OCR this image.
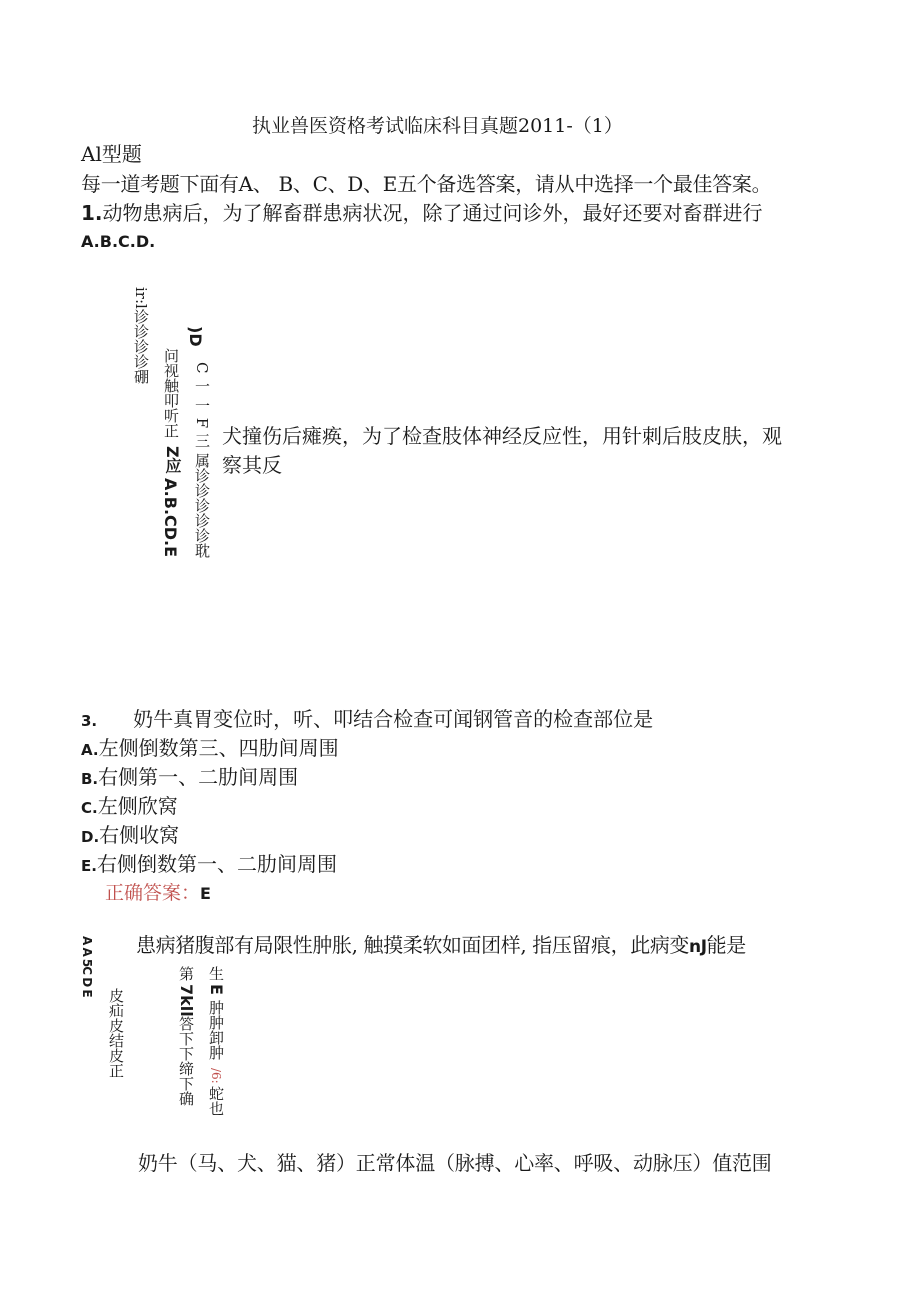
执业兽医资格考试临床科目真题2011-（1）
Al型题
每一道考题下面有A、 B、C、D、E五个备选答案，请从中选择一个最佳答案。
1.动物患病后，为了解畜群患病状况，除了通过问诊外，最好还要对畜群进行
A.B.C.D.
ir:l诊诊诊诊硼
问视触叩听正
Z应
A.B.CD.E
)D
C 一 一 F 三 属诊诊诊诊诊耽 犬撞伤后瘫痪，为了检查肢体神经反应性，用针刺后肢皮肤，观
察其反
3. 奶牛真胃变位时，听、叩结合检查可闻钢管音的检查部位是
A.左侧倒数第三、四肋间周围
B.右侧第一、二肋间周围
C.左侧欣窝
D.右侧收窝
E.右侧倒数第一、二肋间周围
正确答案：E
患病猪腹部有局限性肿胀, 触摸柔软如面团样, 指压留痕，此病变nJ能是
A A 5C D E
皮疝皮结皮正
第
7kll
答下下缔下确
生
E
肿肿卸肿
/6:
蛇也
奶牛（马、犬、猫、猪）正常体温（脉搏、心率、呼吸、动脉压）值范围
